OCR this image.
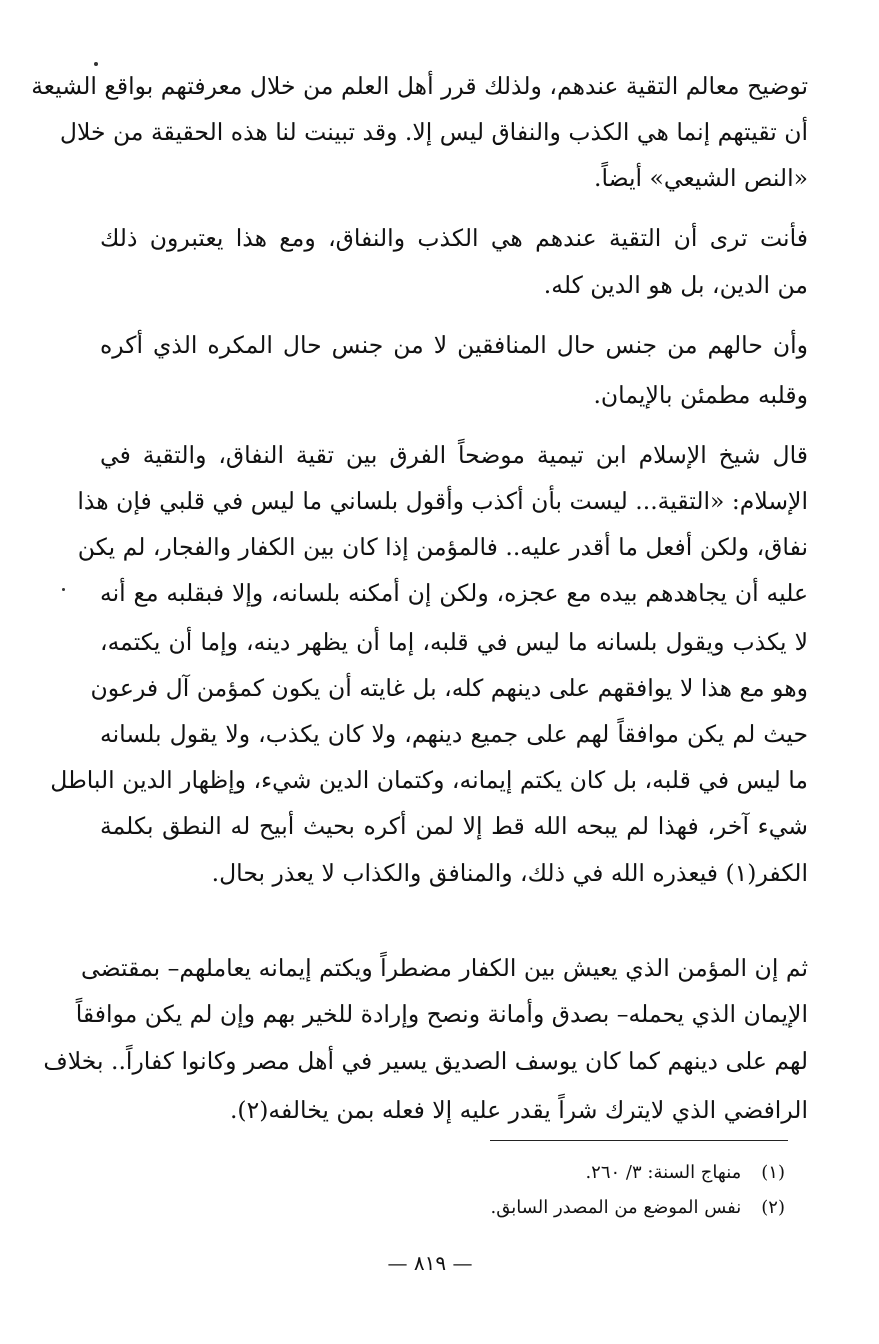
توضيح معالم التقية عندهم، ولذلك قرر أهل العلم من خلال معرفتهم بواقع الشيعة
أن تقيتهم إنما هي الكذب والنفاق ليس إلا. وقد تبينت لنا هذه الحقيقة من خلال
«النص الشيعي» أيضاً.
فأنت ترى أن التقية عندهم هي الكذب والنفاق، ومع هذا يعتبرون ذلك
من الدين، بل هو الدين كله.
وأن حالهم من جنس حال المنافقين لا من جنس حال المكره الذي أكره
وقلبه مطمئن بالإيمان.
قال شيخ الإسلام ابن تيمية موضحاً الفرق بين تقية النفاق، والتقية في
الإسلام: «التقية... ليست بأن أكذب وأقول بلساني ما ليس في قلبي فإن هذا
نفاق، ولكن أفعل ما أقدر عليه.. فالمؤمن إذا كان بين الكفار والفجار، لم يكن
عليه أن يجاهدهم بيده مع عجزه، ولكن إن أمكنه بلسانه، وإلا فبقلبه مع أنه
لا يكذب ويقول بلسانه ما ليس في قلبه، إما أن يظهر دينه، وإما أن يكتمه،
وهو مع هذا لا يوافقهم على دينهم كله، بل غايته أن يكون كمؤمن آل فرعون
حيث لم يكن موافقاً لهم على جميع دينهم، ولا كان يكذب، ولا يقول بلسانه
ما ليس في قلبه، بل كان يكتم إيمانه، وكتمان الدين شيء، وإظهار الدين الباطل
شيء آخر، فهذا لم يبحه الله قط إلا لمن أكره بحيث أبيح له النطق بكلمة
الكفر(١) فيعذره الله في ذلك، والمنافق والكذاب لا يعذر بحال.
ثم إن المؤمن الذي يعيش بين الكفار مضطراً ويكتم إيمانه يعاملهم– بمقتضى
الإيمان الذي يحمله– بصدق وأمانة ونصح وإرادة للخير بهم وإن لم يكن موافقاً
لهم على دينهم كما كان يوسف الصديق يسير في أهل مصر وكانوا كفاراً.. بخلاف
الرافضي الذي لايترك شراً يقدر عليه إلا فعله بمن يخالفه(٢).
(١) منهاج السنة: ٣/ ٢٦٠.
(٢) نفس الموضع من المصدر السابق.
— ٨١٩ —
